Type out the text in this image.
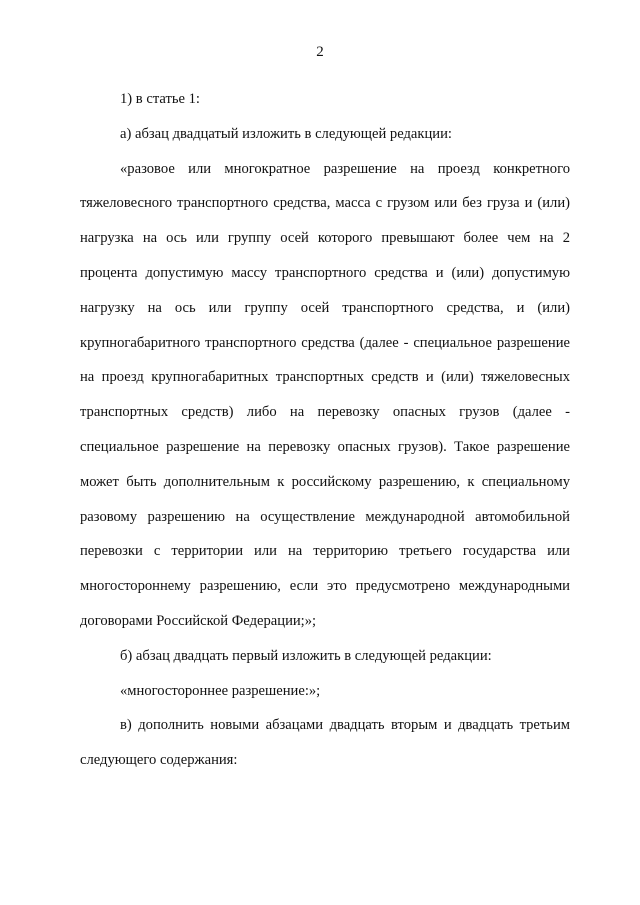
2

1) в статье 1:

а) абзац двадцатый изложить в следующей редакции:

«разовое или многократное разрешение на проезд конкретного тяжеловесного транспортного средства, масса с грузом или без груза и (или) нагрузка на ось или группу осей которого превышают более чем на 2 процента допустимую массу транспортного средства и (или) допустимую нагрузку на ось или группу осей транспортного средства, и (или) крупногабаритного транспортного средства (далее - специальное разрешение на проезд крупногабаритных транспортных средств и (или) тяжеловесных транспортных средств) либо на перевозку опасных грузов (далее - специальное разрешение на перевозку опасных грузов). Такое разрешение может быть дополнительным к российскому разрешению, к специальному разовому разрешению на осуществление международной автомобильной перевозки с территории или на территорию третьего государства или многостороннему разрешению, если это предусмотрено международными договорами Российской Федерации;»;

б) абзац двадцать первый изложить в следующей редакции:

«многостороннее разрешение:»;

в) дополнить новыми абзацами двадцать вторым и двадцать третьим следующего содержания:
